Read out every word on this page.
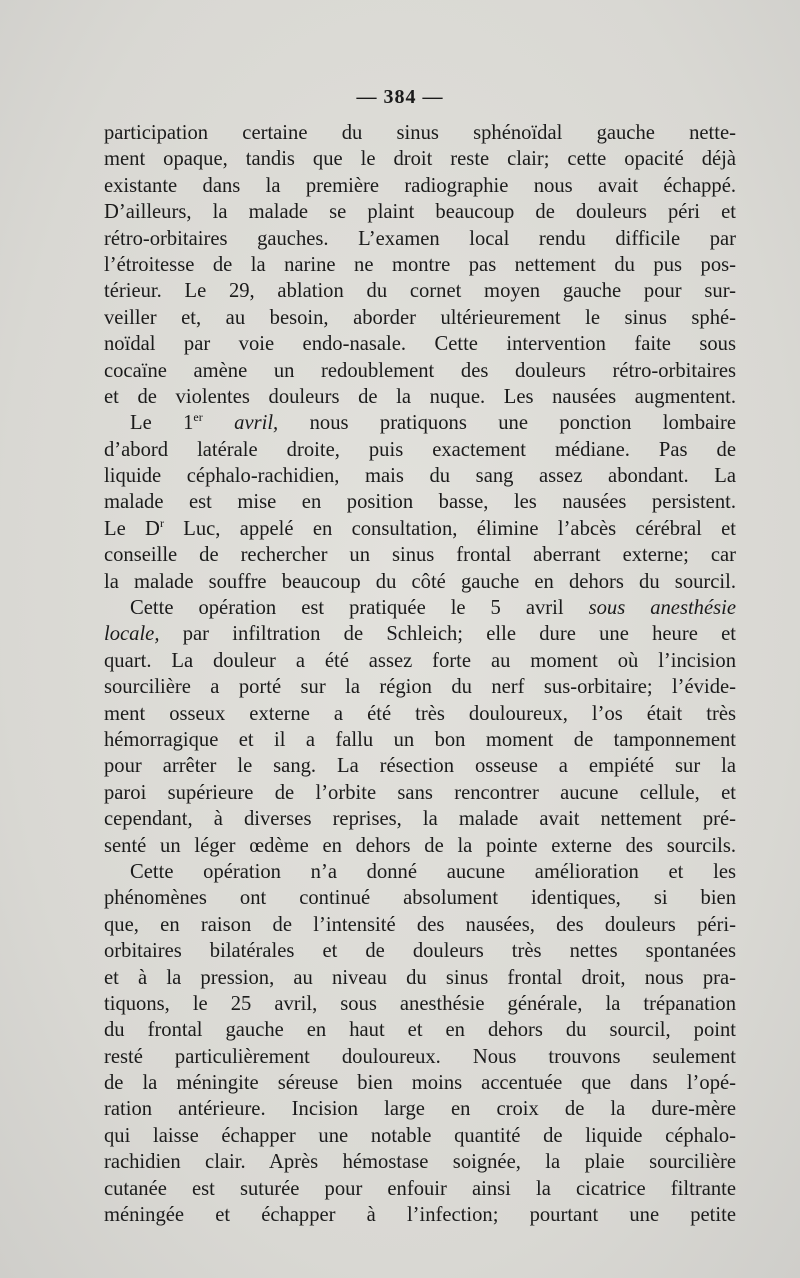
— 384 —
participation certaine du sinus sphénoïdal gauche nette-
ment opaque, tandis que le droit reste clair; cette opacité déjà
existante dans la première radiographie nous avait échappé.
D’ailleurs, la malade se plaint beaucoup de douleurs péri et
rétro-orbitaires gauches. L’examen local rendu difficile par
l’étroitesse de la narine ne montre pas nettement du pus pos-
térieur. Le 29, ablation du cornet moyen gauche pour sur-
veiller et, au besoin, aborder ultérieurement le sinus sphé-
noïdal par voie endo-nasale. Cette intervention faite sous
cocaïne amène un redoublement des douleurs rétro-orbitaires
et de violentes douleurs de la nuque. Les nausées augmentent.
Le 1er avril, nous pratiquons une ponction lombaire
d’abord latérale droite, puis exactement médiane. Pas de
liquide céphalo-rachidien, mais du sang assez abondant. La
malade est mise en position basse, les nausées persistent.
Le $D^r$ Luc, appelé en consultation, élimine l’abcès cérébral et
conseille de rechercher un sinus frontal aberrant externe; car
la malade souffre beaucoup du côté gauche en dehors du sourcil.
Cette opération est pratiquée le 5 avril sous anesthésie
locale, par infiltration de Schleich; elle dure une heure et
quart. La douleur a été assez forte au moment où l’incision
sourcilière a porté sur la région du nerf sus-orbitaire; l’évide-
ment osseux externe a été très douloureux, l’os était très
hémorragique et il a fallu un bon moment de tamponnement
pour arrêter le sang. La résection osseuse a empiété sur la
paroi supérieure de l’orbite sans rencontrer aucune cellule, et
cependant, à diverses reprises, la malade avait nettement pré-
senté un léger œdème en dehors de la pointe externe des sourcils.
Cette opération n’a donné aucune amélioration et les
phénomènes ont continué absolument identiques, si bien
que, en raison de l’intensité des nausées, des douleurs péri-
orbitaires bilatérales et de douleurs très nettes spontanées
et à la pression, au niveau du sinus frontal droit, nous pra-
tiquons, le 25 avril, sous anesthésie générale, la trépanation
du frontal gauche en haut et en dehors du sourcil, point
resté particulièrement douloureux. Nous trouvons seulement
de la méningite séreuse bien moins accentuée que dans l’opé-
ration antérieure. Incision large en croix de la dure-mère
qui laisse échapper une notable quantité de liquide céphalo-
rachidien clair. Après hémostase soignée, la plaie sourcilière
cutanée est suturée pour enfouir ainsi la cicatrice filtrante
méningée et échapper à l’infection; pourtant une petite
